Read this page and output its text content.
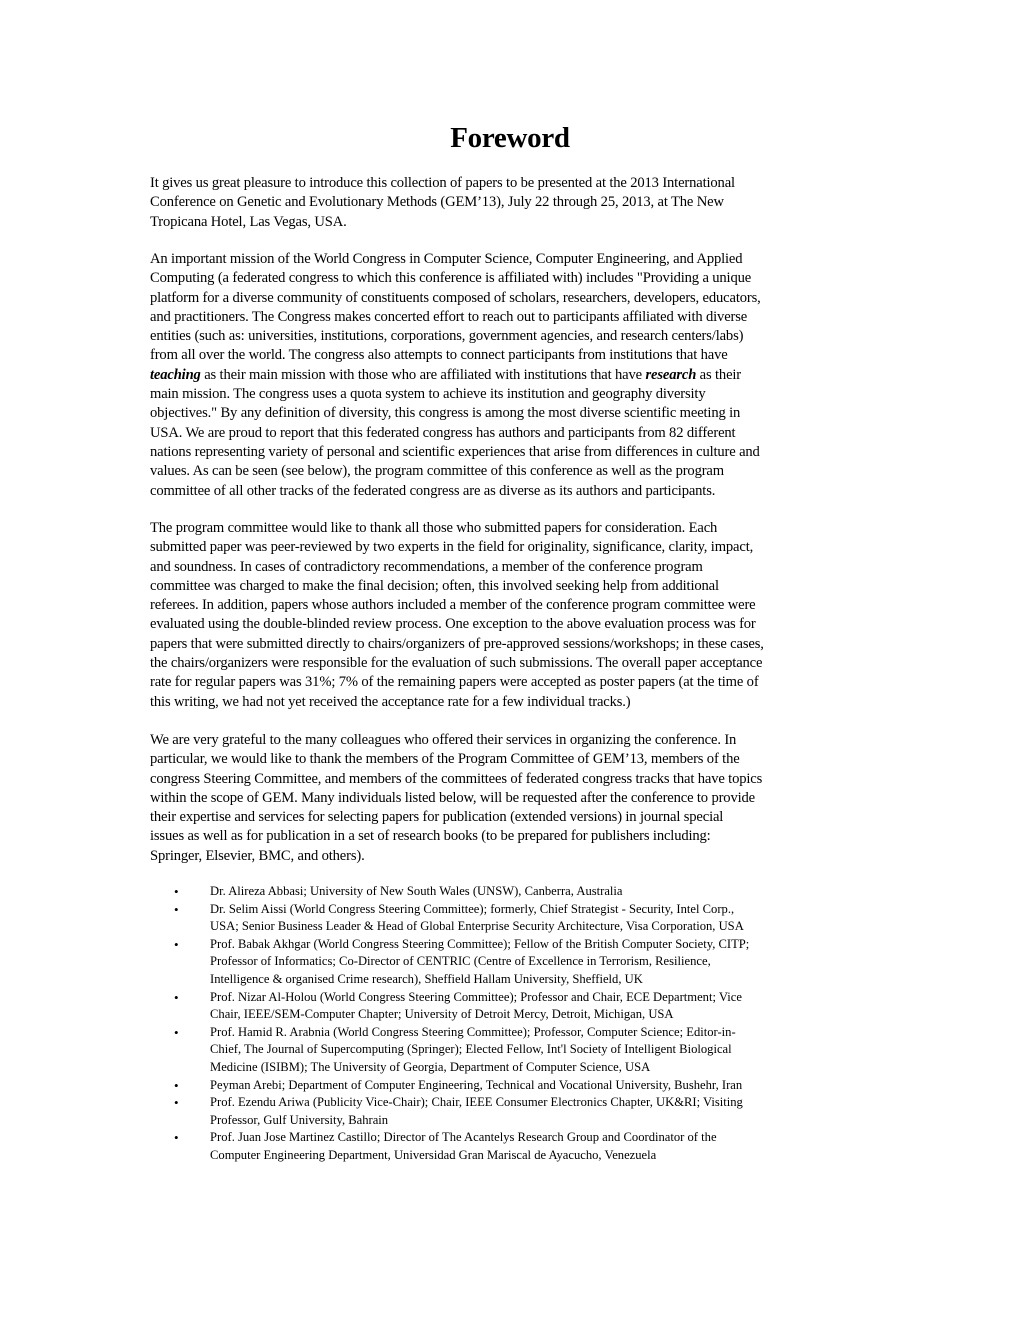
Foreword
It gives us great pleasure to introduce this collection of papers to be presented at the 2013 International
Conference on Genetic and Evolutionary Methods (GEM’13), July 22 through 25, 2013, at The New
Tropicana Hotel, Las Vegas, USA.
An important mission of the World Congress in Computer Science, Computer Engineering, and Applied
Computing (a federated congress to which this conference is affiliated with) includes "Providing a unique
platform for a diverse community of constituents composed of scholars, researchers, developers, educators,
and practitioners. The Congress makes concerted effort to reach out to participants affiliated with diverse
entities (such as: universities, institutions, corporations, government agencies, and research centers/labs)
from all over the world. The congress also attempts to connect participants from institutions that have
teaching as their main mission with those who are affiliated with institutions that have research as their
main mission. The congress uses a quota system to achieve its institution and geography diversity
objectives." By any definition of diversity, this congress is among the most diverse scientific meeting in
USA. We are proud to report that this federated congress has authors and participants from 82 different
nations representing variety of personal and scientific experiences that arise from differences in culture and
values. As can be seen (see below), the program committee of this conference as well as the program
committee of all other tracks of the federated congress are as diverse as its authors and participants.
The program committee would like to thank all those who submitted papers for consideration. Each
submitted paper was peer-reviewed by two experts in the field for originality, significance, clarity, impact,
and soundness. In cases of contradictory recommendations, a member of the conference program
committee was charged to make the final decision; often, this involved seeking help from additional
referees. In addition, papers whose authors included a member of the conference program committee were
evaluated using the double-blinded review process. One exception to the above evaluation process was for
papers that were submitted directly to chairs/organizers of pre-approved sessions/workshops; in these cases,
the chairs/organizers were responsible for the evaluation of such submissions. The overall paper acceptance
rate for regular papers was 31%; 7% of the remaining papers were accepted as poster papers (at the time of
this writing, we had not yet received the acceptance rate for a few individual tracks.)
We are very grateful to the many colleagues who offered their services in organizing the conference. In
particular, we would like to thank the members of the Program Committee of GEM’13, members of the
congress Steering Committee, and members of the committees of federated congress tracks that have topics
within the scope of GEM. Many individuals listed below, will be requested after the conference to provide
their expertise and services for selecting papers for publication (extended versions) in journal special
issues as well as for publication in a set of research books (to be prepared for publishers including:
Springer, Elsevier, BMC, and others).
• Dr. Alireza Abbasi; University of New South Wales (UNSW), Canberra, Australia
• Dr. Selim Aissi (World Congress Steering Committee); formerly, Chief Strategist - Security, Intel Corp.,
USA; Senior Business Leader & Head of Global Enterprise Security Architecture, Visa Corporation, USA
• Prof. Babak Akhgar (World Congress Steering Committee); Fellow of the British Computer Society, CITP;
Professor of Informatics; Co-Director of CENTRIC (Centre of Excellence in Terrorism, Resilience,
Intelligence & organised Crime research), Sheffield Hallam University, Sheffield, UK
• Prof. Nizar Al-Holou (World Congress Steering Committee); Professor and Chair, ECE Department; Vice
Chair, IEEE/SEM-Computer Chapter; University of Detroit Mercy, Detroit, Michigan, USA
• Prof. Hamid R. Arabnia (World Congress Steering Committee); Professor, Computer Science; Editor-in-
Chief, The Journal of Supercomputing (Springer); Elected Fellow, Int'l Society of Intelligent Biological
Medicine (ISIBM); The University of Georgia, Department of Computer Science, USA
• Peyman Arebi; Department of Computer Engineering, Technical and Vocational University, Bushehr, Iran
• Prof. Ezendu Ariwa (Publicity Vice-Chair); Chair, IEEE Consumer Electronics Chapter, UK&RI; Visiting
Professor, Gulf University, Bahrain
• Prof. Juan Jose Martinez Castillo; Director of The Acantelys Research Group and Coordinator of the
Computer Engineering Department, Universidad Gran Mariscal de Ayacucho, Venezuela
